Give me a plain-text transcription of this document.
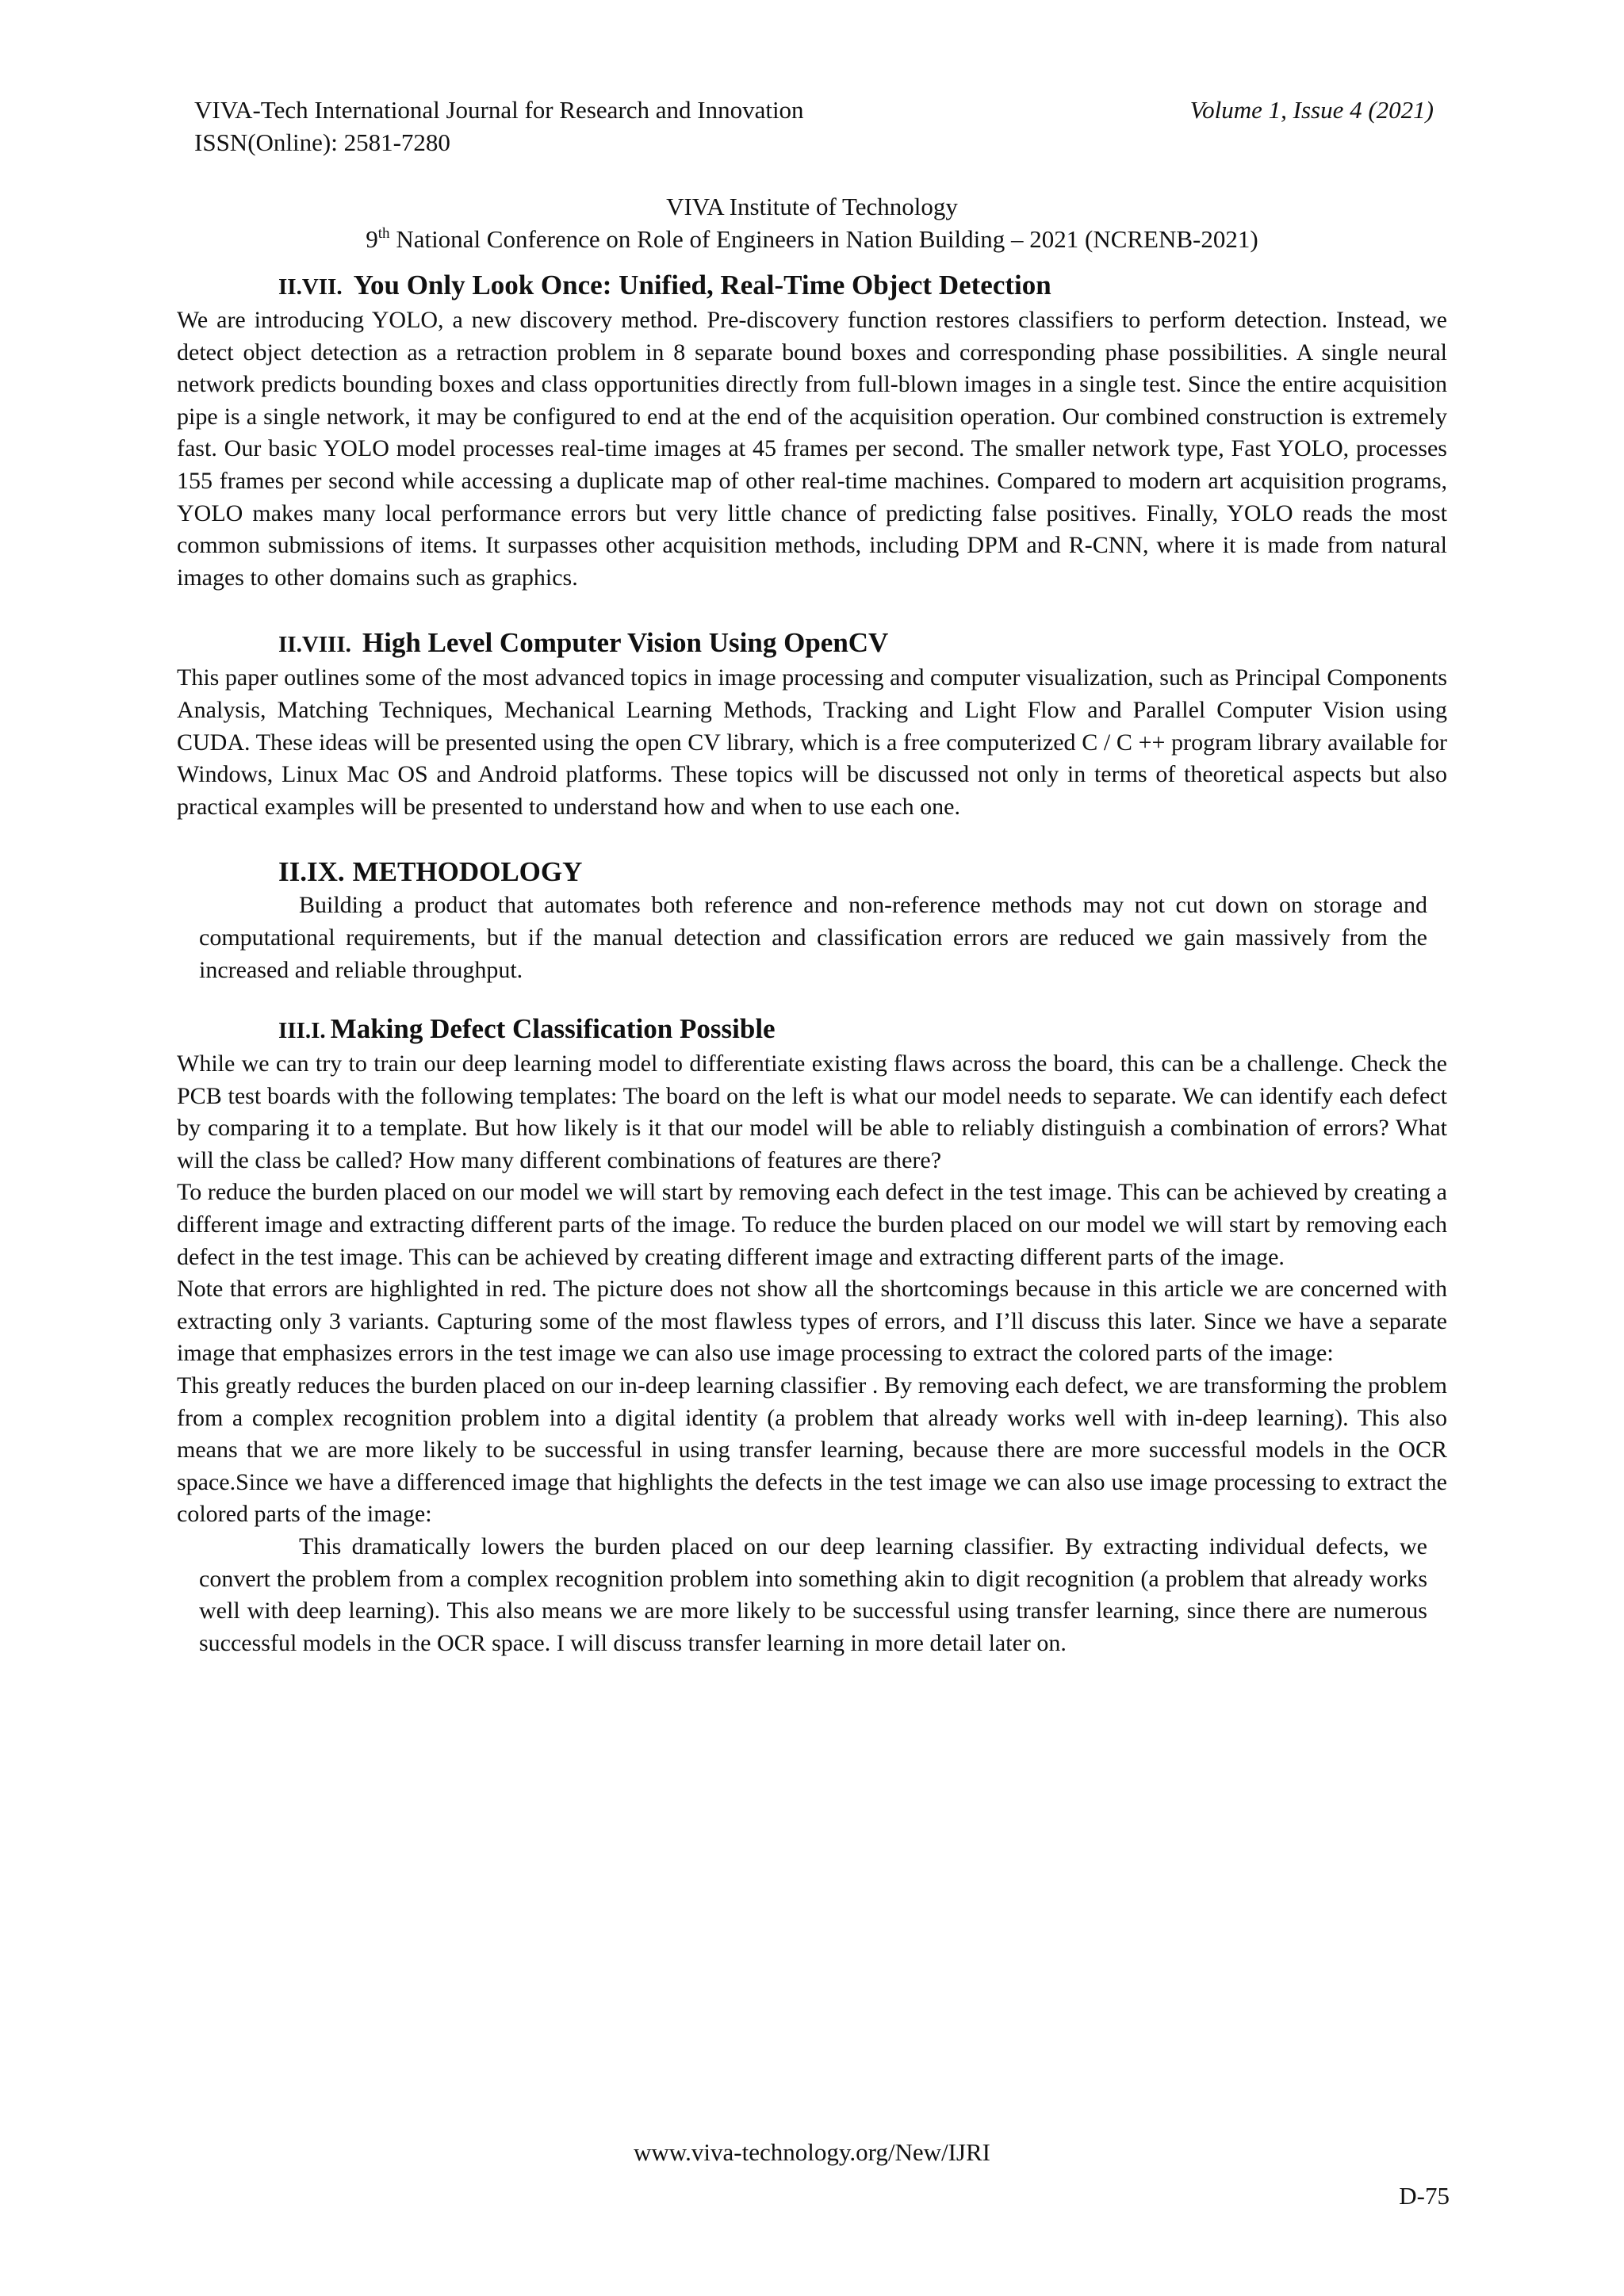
VIVA-Tech International Journal for Research and Innovation
ISSN(Online): 2581-7280
Volume 1, Issue 4 (2021)
VIVA Institute of Technology
9th National Conference on Role of Engineers in Nation Building – 2021 (NCRENB-2021)
II.VII. You Only Look Once: Unified, Real-Time Object Detection

We are introducing YOLO, a new discovery method. Pre-discovery function restores classifiers to perform detection. Instead, we detect object detection as a retraction problem in 8 separate bound boxes and corresponding phase possibilities. A single neural network predicts bounding boxes and class opportunities directly from full-blown images in a single test. Since the entire acquisition pipe is a single network, it may be configured to end at the end of the acquisition operation. Our combined construction is extremely fast. Our basic YOLO model processes real-time images at 45 frames per second. The smaller network type, Fast YOLO, processes 155 frames per second while accessing a duplicate map of other real-time machines. Compared to modern art acquisition programs, YOLO makes many local performance errors but very little chance of predicting false positives. Finally, YOLO reads the most common submissions of items. It surpasses other acquisition methods, including DPM and R-CNN, where it is made from natural images to other domains such as graphics.

II.VIII. High Level Computer Vision Using OpenCV

This paper outlines some of the most advanced topics in image processing and computer visualization, such as Principal Components Analysis, Matching Techniques, Mechanical Learning Methods, Tracking and Light Flow and Parallel Computer Vision using CUDA. These ideas will be presented using the open CV library, which is a free computerized C / C ++ program library available for Windows, Linux Mac OS and Android platforms. These topics will be discussed not only in terms of theoretical aspects but also practical examples will be presented to understand how and when to use each one.

II.IX. METHODOLOGY

Building a product that automates both reference and non-reference methods may not cut down on storage and computational requirements, but if the manual detection and classification errors are reduced we gain massively from the increased and reliable throughput.

III.I. Making Defect Classification Possible

While we can try to train our deep learning model to differentiate existing flaws across the board, this can be a challenge. Check the PCB test boards with the following templates: The board on the left is what our model needs to separate. We can identify each defect by comparing it to a template. But how likely is it that our model will be able to reliably distinguish a combination of errors? What will the class be called? How many different combinations of features are there?

To reduce the burden placed on our model we will start by removing each defect in the test image. This can be achieved by creating a different image and extracting different parts of the image. To reduce the burden placed on our model we will start by removing each defect in the test image. This can be achieved by creating different image and extracting different parts of the image.

Note that errors are highlighted in red. The picture does not show all the shortcomings because in this article we are concerned with extracting only 3 variants. Capturing some of the most flawless types of errors, and I’ll discuss this later. Since we have a separate image that emphasizes errors in the test image we can also use image processing to extract the colored parts of the image:

This greatly reduces the burden placed on our in-deep learning classifier . By removing each defect, we are transforming the problem from a complex recognition problem into a digital identity (a problem that already works well with in-deep learning). This also means that we are more likely to be successful in using transfer learning, because there are more successful models in the OCR space.Since we have a differenced image that highlights the defects in the test image we can also use image processing to extract the colored parts of the image:

This dramatically lowers the burden placed on our deep learning classifier. By extracting individual defects, we convert the problem from a complex recognition problem into something akin to digit recognition (a problem that already works well with deep learning). This also means we are more likely to be successful using transfer learning, since there are numerous successful models in the OCR space. I will discuss transfer learning in more detail later on.

www.viva-technology.org/New/IJRI
D-75
